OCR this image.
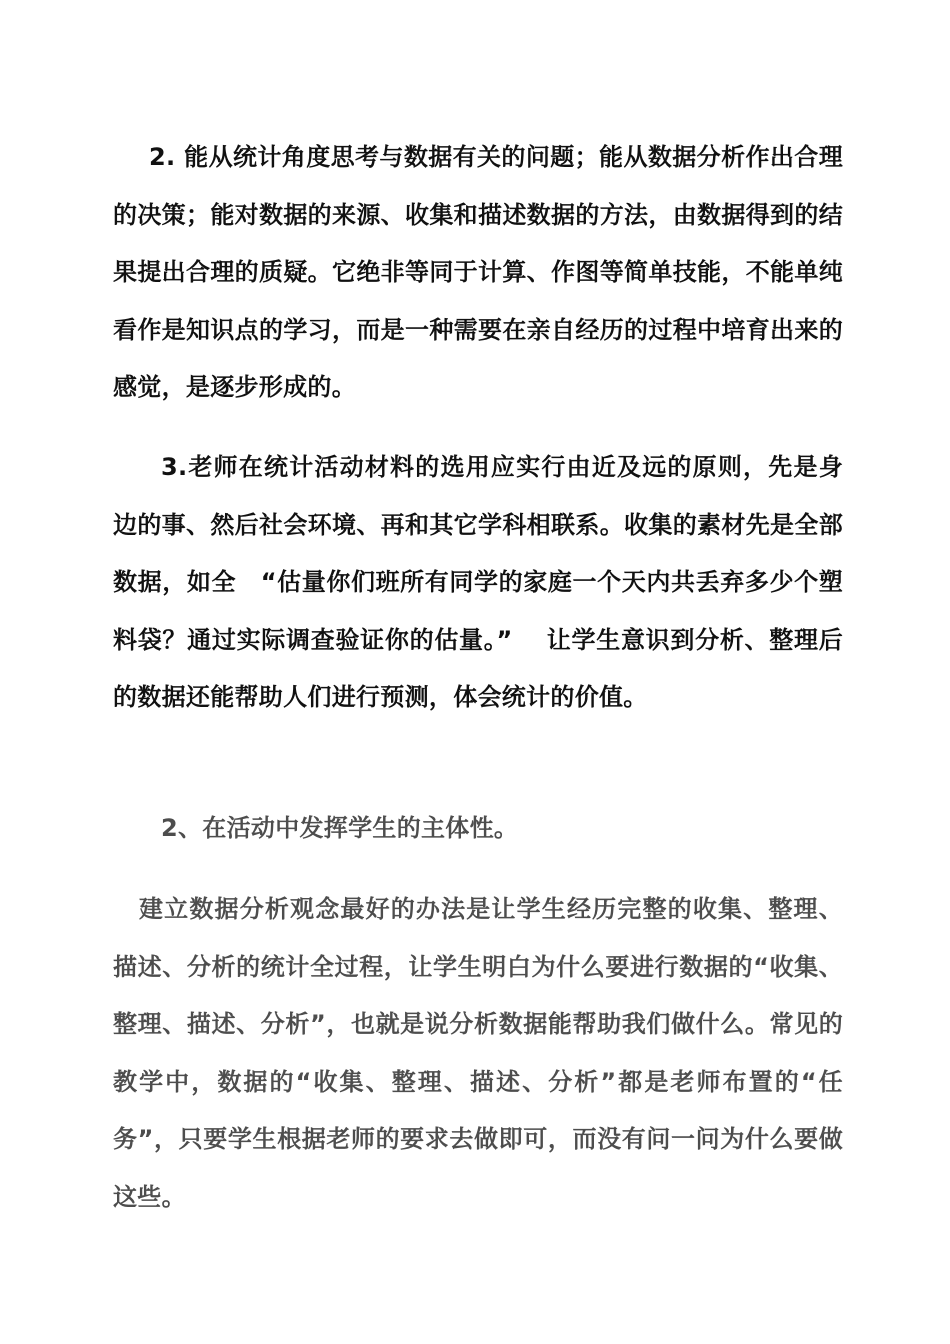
2. 能从统计角度思考与数据有关的问题；能从数据分析作出合理的决策；能对数据的来源、收集和描述数据的方法，由数据得到的结果提出合理的质疑。它绝非等同于计算、作图等简单技能，不能单纯看作是知识点的学习，而是一种需要在亲自经历的过程中培育出来的感觉，是逐步形成的。

3.老师在统计活动材料的选用应实行由近及远的原则，先是身边的事、然后社会环境、再和其它学科相联系。收集的素材先是全部数据，如全　“估量你们班所有同学的家庭一个天内共丢弃多少个塑料袋？通过实际调查验证你的估量。”　 让学生意识到分析、整理后的数据还能帮助人们进行预测，体会统计的价值。

2、在活动中发挥学生的主体性。

建立数据分析观念最好的办法是让学生经历完整的收集、整理、描述、分析的统计全过程，让学生明白为什么要进行数据的“收集、整理、描述、分析”，也就是说分析数据能帮助我们做什么。常见的教学中，数据的“收集、整理、描述、分析”都是老师布置的“任务”，只要学生根据老师的要求去做即可，而没有问一问为什么要做这些。
